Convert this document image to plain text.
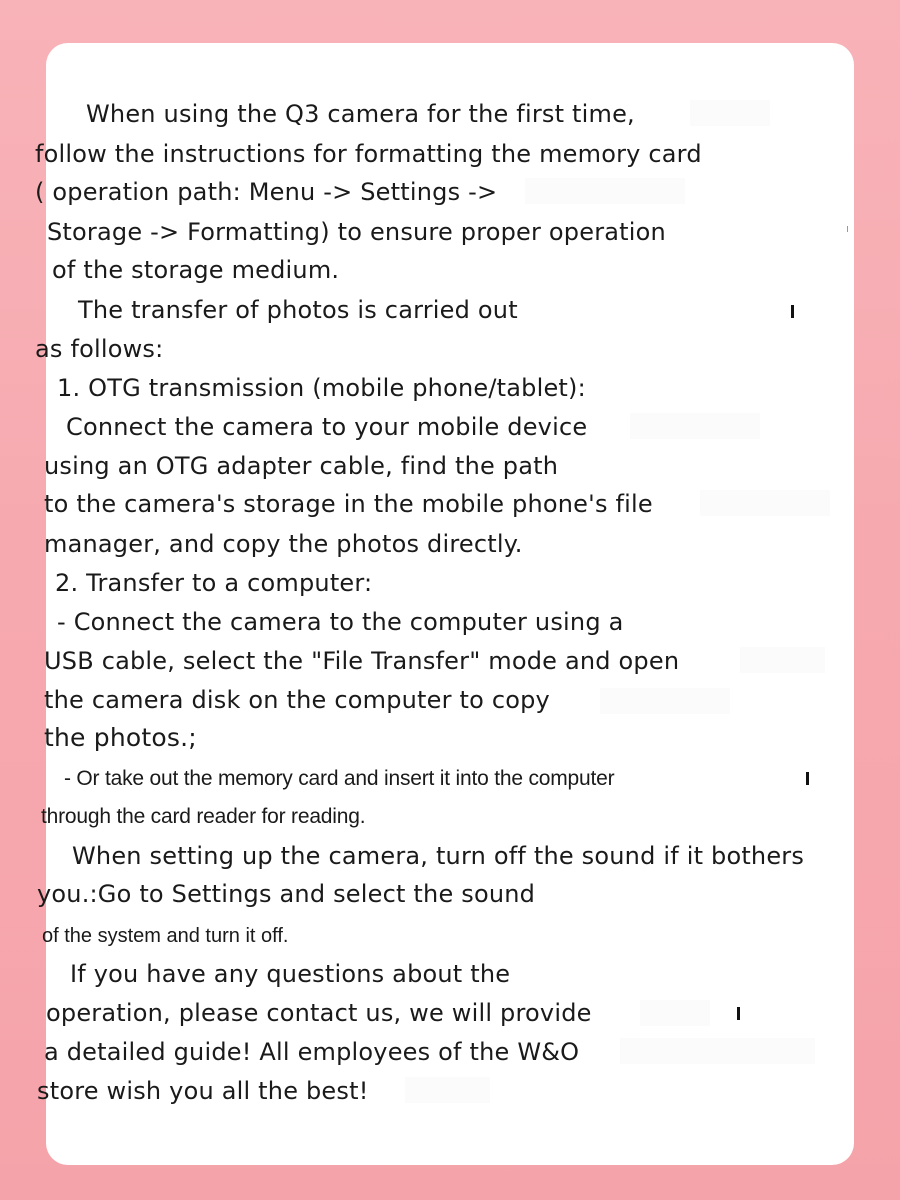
When using the Q3 camera for the first time,
follow the instructions for formatting the memory card
( operation path: Menu -> Settings ->
Storage -> Formatting) to ensure proper operation
of the storage medium.
The transfer of photos is carried out
as follows:
1. OTG transmission (mobile phone/tablet):
Connect the camera to your mobile device
using an OTG adapter cable, find the path
to the camera's storage in the mobile phone's file
manager, and copy the photos directly.
2. Transfer to a computer:
- Connect the camera to the computer using a
USB cable, select the "File Transfer" mode and open
the camera disk on the computer to copy
the photos.;
- Or take out the memory card and insert it into the computer
through the card reader for reading.
When setting up the camera, turn off the sound if it bothers
you.:Go to Settings and select the sound
of the system and turn it off.
If you have any questions about the
operation, please contact us, we will provide
a detailed guide! All employees of the W&O
store wish you all the best!
